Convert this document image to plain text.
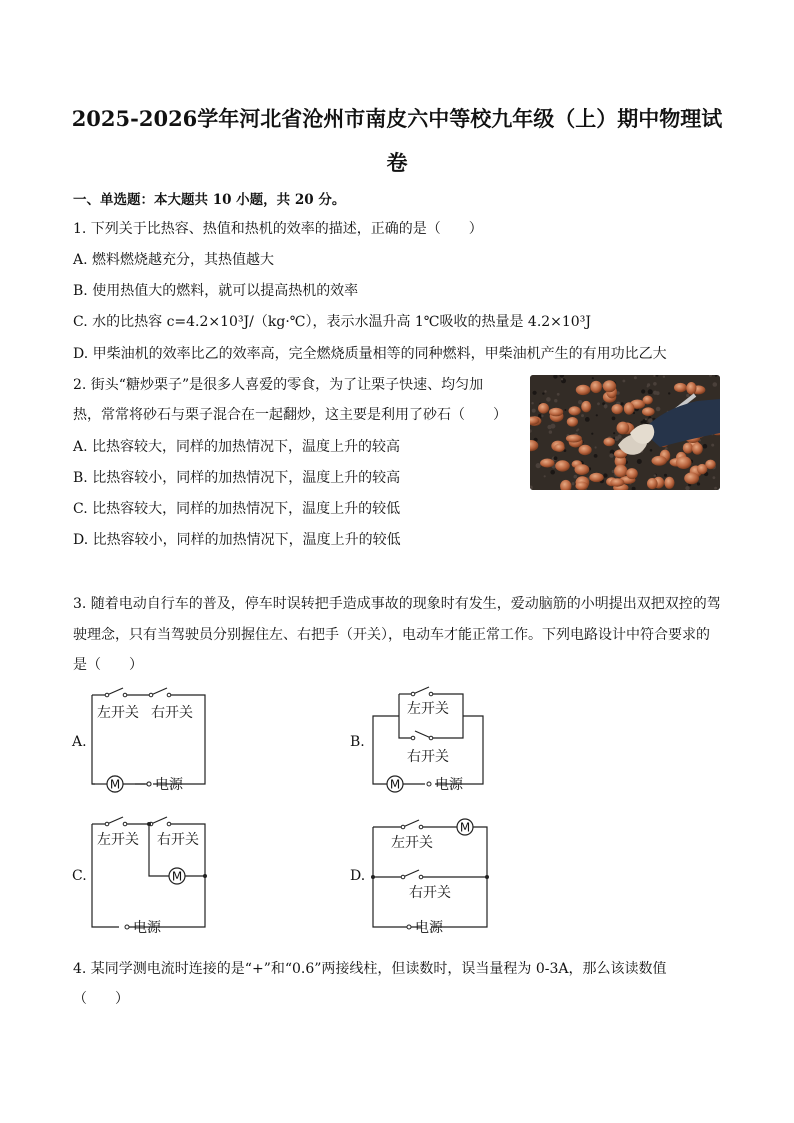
2025-2026学年河北省沧州市南皮六中等校九年级（上）期中物理试
卷
一、单选题：本大题共 10 小题，共 20 分。
1. 下列关于比热容、热值和热机的效率的描述，正确的是（　　）
A. 燃料燃烧越充分，其热值越大
B. 使用热值大的燃料，就可以提高热机的效率
C. 水的比热容 c=4.2×10³J/（kg·℃），表示水温升高 1℃吸收的热量是 4.2×10³J
D. 甲柴油机的效率比乙的效率高，完全燃烧质量相等的同种燃料，甲柴油机产生的有用功比乙大
2. 街头“糖炒栗子”是很多人喜爱的零食，为了让栗子快速、均匀加
热，常常将砂石与栗子混合在一起翻炒，这主要是利用了砂石（　　）
A. 比热容较大，同样的加热情况下，温度上升的较高
B. 比热容较小，同样的加热情况下，温度上升的较高
C. 比热容较大，同样的加热情况下，温度上升的较低
D. 比热容较小，同样的加热情况下，温度上升的较低
3. 随着电动自行车的普及，停车时误转把手造成事故的现象时有发生，爱动脑筋的小明提出双把双控的驾
驶理念，只有当驾驶员分别握住左、右把手（开关），电动车才能正常工作。下列电路设计中符合要求的
是（　　）
A.	B.
C.	D.
M
左开关 右开关
电源	M
左开关
右开关
电源
M
左开关 右开关
电源
M
左开关
右开关
电源
4. 某同学测电流时连接的是“+”和“0.6”两接线柱，但读数时，误当量程为 0-3A，那么该读数值
（　　）
